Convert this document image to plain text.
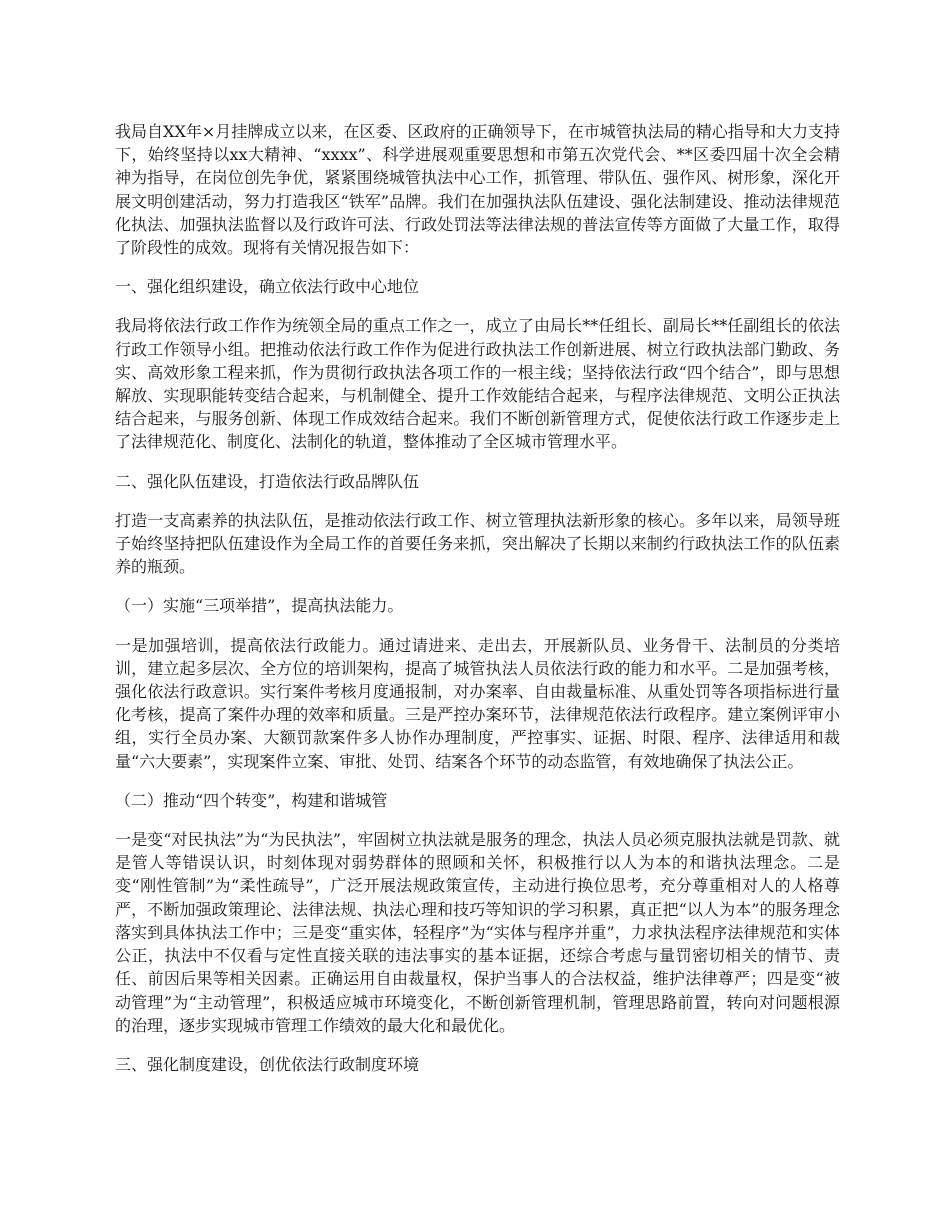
我局自XX年×月挂牌成立以来，在区委、区政府的正确领导下，在市城管执法局的精心指导和大力支持下，始终坚持以xx大精神、“xxxx”、科学进展观重要思想和市第五次党代会、**区委四届十次全会精神为指导，在岗位创先争优，紧紧围绕城管执法中心工作，抓管理、带队伍、强作风、树形象，深化开展文明创建活动，努力打造我区“铁军”品牌。我们在加强执法队伍建设、强化法制建设、推动法律规范化执法、加强执法监督以及行政许可法、行政处罚法等法律法规的普法宣传等方面做了大量工作，取得了阶段性的成效。现将有关情况报告如下：

一、强化组织建设，确立依法行政中心地位

我局将依法行政工作作为统领全局的重点工作之一，成立了由局长**任组长、副局长**任副组长的依法行政工作领导小组。把推动依法行政工作作为促进行政执法工作创新进展、树立行政执法部门勤政、务实、高效形象工程来抓，作为贯彻行政执法各项工作的一根主线；坚持依法行政“四个结合”，即与思想解放、实现职能转变结合起来，与机制健全、提升工作效能结合起来，与程序法律规范、文明公正执法结合起来，与服务创新、体现工作成效结合起来。我们不断创新管理方式，促使依法行政工作逐步走上了法律规范化、制度化、法制化的轨道，整体推动了全区城市管理水平。

二、强化队伍建设，打造依法行政品牌队伍

打造一支高素养的执法队伍，是推动依法行政工作、树立管理执法新形象的核心。多年以来，局领导班子始终坚持把队伍建设作为全局工作的首要任务来抓，突出解决了长期以来制约行政执法工作的队伍素养的瓶颈。

（一）实施“三项举措”，提高执法能力。

一是加强培训，提高依法行政能力。通过请进来、走出去，开展新队员、业务骨干、法制员的分类培训，建立起多层次、全方位的培训架构，提高了城管执法人员依法行政的能力和水平。二是加强考核，强化依法行政意识。实行案件考核月度通报制，对办案率、自由裁量标准、从重处罚等各项指标进行量化考核，提高了案件办理的效率和质量。三是严控办案环节，法律规范依法行政程序。建立案例评审小组，实行全员办案、大额罚款案件多人协作办理制度，严控事实、证据、时限、程序、法律适用和裁量“六大要素”，实现案件立案、审批、处罚、结案各个环节的动态监管，有效地确保了执法公正。

（二）推动“四个转变”，构建和谐城管

一是变“对民执法”为“为民执法”，牢固树立执法就是服务的理念，执法人员必须克服执法就是罚款、就是管人等错误认识，时刻体现对弱势群体的照顾和关怀，积极推行以人为本的和谐执法理念。二是变“刚性管制”为“柔性疏导”，广泛开展法规政策宣传，主动进行换位思考，充分尊重相对人的人格尊严，不断加强政策理论、法律法规、执法心理和技巧等知识的学习积累，真正把“以人为本”的服务理念落实到具体执法工作中；三是变“重实体，轻程序”为“实体与程序并重”，力求执法程序法律规范和实体公正，执法中不仅看与定性直接关联的违法事实的基本证据，还综合考虑与量罚密切相关的情节、责任、前因后果等相关因素。正确运用自由裁量权，保护当事人的合法权益，维护法律尊严；四是变“被动管理”为“主动管理”，积极适应城市环境变化，不断创新管理机制，管理思路前置，转向对问题根源的治理，逐步实现城市管理工作绩效的最大化和最优化。

三、强化制度建设，创优依法行政制度环境
